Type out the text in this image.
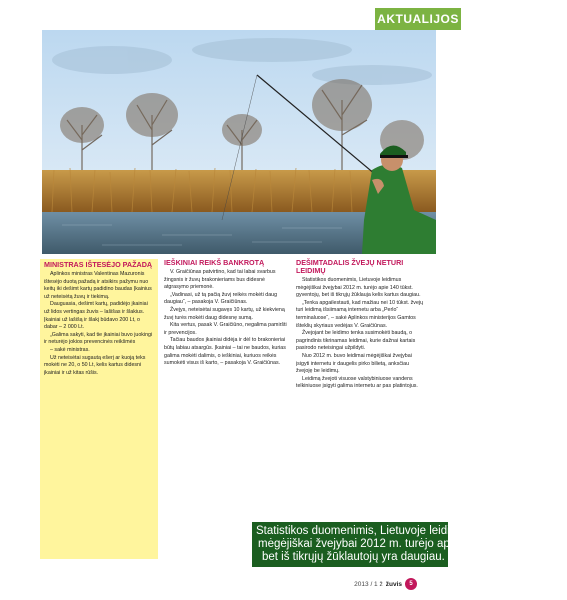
AKTUALIJOS
MINISTRAS IŠTESĖJO PAŽADĄ

Aplinkos ministras Valentinas Mazuronis ištesėjo duotą pažadą ir atsikirs pažymu nuo keitų iki dešimt kartų padidino baudas Įkainius už neteisėtą žuvų ir tiekimą.

Dauguasia, dešimt kartų, padidėjo įkainiai už lidos vertingas žuvis – lašišas ir šlakius. Įkainiai už lašišą ir šlakį būdavo 200 Lt, o dabar – 2 000 Lt.

„Galima sakyti, kad tie įkainiai buvo juokingi ir neturėjo jokios prevencinės reikšmės

– sakė ministras.

Už neteisėtai sugautą ešerį ar kuoją teks mokėti ne 20, o 50 Lt, kelis kartus didesni įkainiai ir už kitas rūšis.

IEŠKINIAI REIKŠ BANKROTĄ

V. Graičiūnas patvirtino, kad tai labai svarbus žingsnis ir žuvų brakonieriams bus didesnė atgrasymo priemonė.

„Vadinasi, už tą pačią žuvį reikės mokėti daug daugiau“, – pasakoja V. Graičiūnas.

Žvejys, neteisėtai sugavęs 10 kartų, už kiekvieną žuvį turės mokėti daug didesnę sumą.

Kita vertus, pasak V. Graičiūno, negalima pamiršti ir prevencijos.

Tačiau baudos įkainiai didėja ir dėl to brakonieriai būtų labiau atsargūs. Įkainiai – tai ne baudos, kurias galima mokėti dalimis, o ieškiniai, kuriuos reikės sumokėti visus iš karto, – pasakoja V. Graičiūnas.

DEŠIMTADALIS ŽVEJŲ NETURI LEIDIMŲ

Statistikos duomenimis, Lietuvoje leidimus mėgėjiškai žvejybai 2012 m. turėjo apie 140 tūkst. gyventojų, bet iš tikrųjų žūklauja kelis kartus daugiau.

„Tenka apgailestauti, kad mažiau nei 10 tūkst. žvejų turi leidimą išsiimamą internetu arba „Perlo“ terminaluose“, – sakė Aplinkos ministerijos Gamtos išteklių skyriaus vedėjas V. Graičiūnas.

Žvejojant be leidimo tenka susimokėti baudą, o pagrindinis tikrinamas leidimai, kurie dažnai kartais pasirodo neteisingai užpildyti.

Nuo 2012 m. buvo leidimai mėgėjiškai žvejybai įsigyti internetu ir daugelis pirko bilietą, anksčiau žvejoję be leidimų.

Leidimą žvejoti visuose valstybiniuose vandens telkiniuose įsigyti galima internetu ar pas platintojus.

Statistikos duomenimis, Lietuvoje leidimus
mėgėjiškai žvejybai 2012 m. turėjo apie 140 tūkst. gyventojų,
bet iš tikrųjų žūklautojų yra daugiau.
2013 / 1 ž žuvis	5
